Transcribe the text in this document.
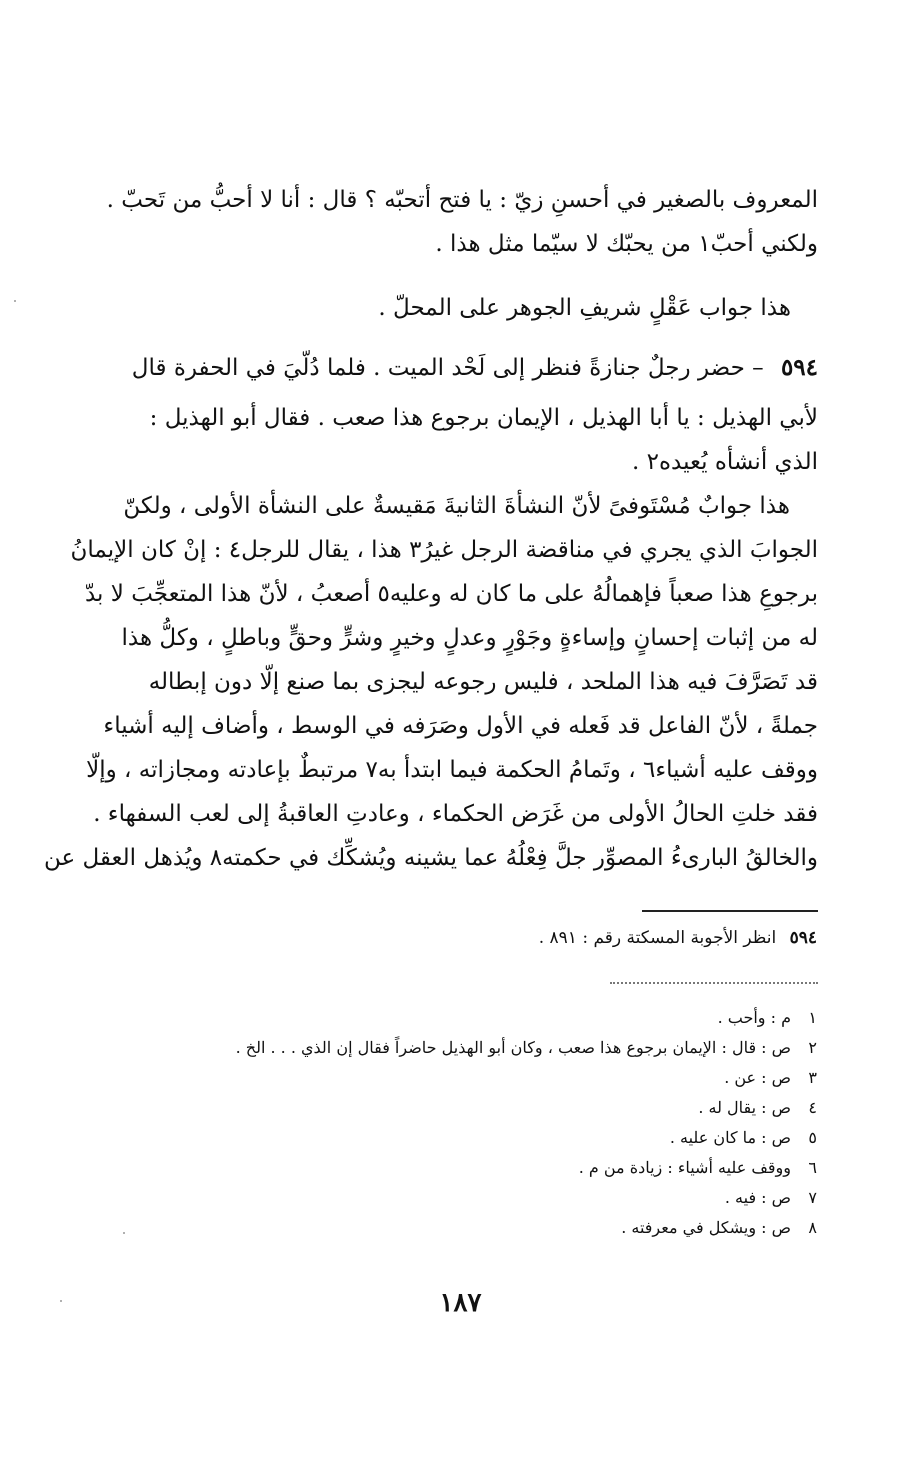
المعروف بالصغير في أحسنِ زيّ : يا فتح أتحبّه ؟ قال : أنا لا أحبُّ من تَحبّ .
ولكني أحبّ١ من يحبّك لا سيّما مثل هذا .
هذا جواب عَقْلٍ شريفِ الجوهر على المحلّ .
٥٩٤ – حضر رجلٌ جنازةً فنظر إلى لَحْد الميت . فلما دُلّيَ في الحفرة قال
لأبي الهذيل : يا أبا الهذيل ، الإيمان برجوع هذا صعب . فقال أبو الهذيل :
الذي أنشأه يُعيده٢ .
هذا جوابٌ مُسْتَوفىً لأنّ النشأةَ الثانيةَ مَقيسةٌ على النشأة الأولى ، ولكنّ
الجوابَ الذي يجري في مناقضة الرجل غيرُ٣ هذا ، يقال للرجل٤ : إنْ كان الإيمانُ
برجوعِ هذا صعباً فإهمالُهُ على ما كان له وعليه٥ أصعبُ ، لأنّ هذا المتعجِّبَ لا بدّ
له من إثبات إحسانٍ وإساءةٍ وجَوْرٍ وعدلٍ وخيرٍ وشرٍّ وحقٍّ وباطلٍ ، وكلُّ هذا
قد تَصَرَّفَ فيه هذا الملحد ، فليس رجوعه ليجزى بما صنع إلّا دون إبطاله
جملةً ، لأنّ الفاعل قد فَعله في الأول وصَرَفه في الوسط ، وأضاف إليه أشياء
ووقف عليه أشياء٦ ، وتَمامُ الحكمة فيما ابتدأ به٧ مرتبطٌ بإعادته ومجازاته ، وإلّا
فقد خلتِ الحالُ الأولى من غَرَض الحكماء ، وعادتِ العاقبةُ إلى لعب السفهاء .
والخالقُ البارىءُ المصوِّر جلَّ فِعْلُهُ عما يشينه ويُشكِّك في حكمته٨ ويُذهل العقل عن
٥٩٤ انظر الأجوبة المسكتة رقم : ٨٩١ .
١م : وأحب .
٢ص : قال : الإيمان برجوع هذا صعب ، وكان أبو الهذيل حاضراً فقال إن الذي . . . الخ .
٣ص : عن .
٤ص : يقال له .
٥ص : ما كان عليه .
٦ووقف عليه أشياء : زيادة من م .
٧ص : فيه .
٨ص : ويشكل في معرفته .
١٨٧
